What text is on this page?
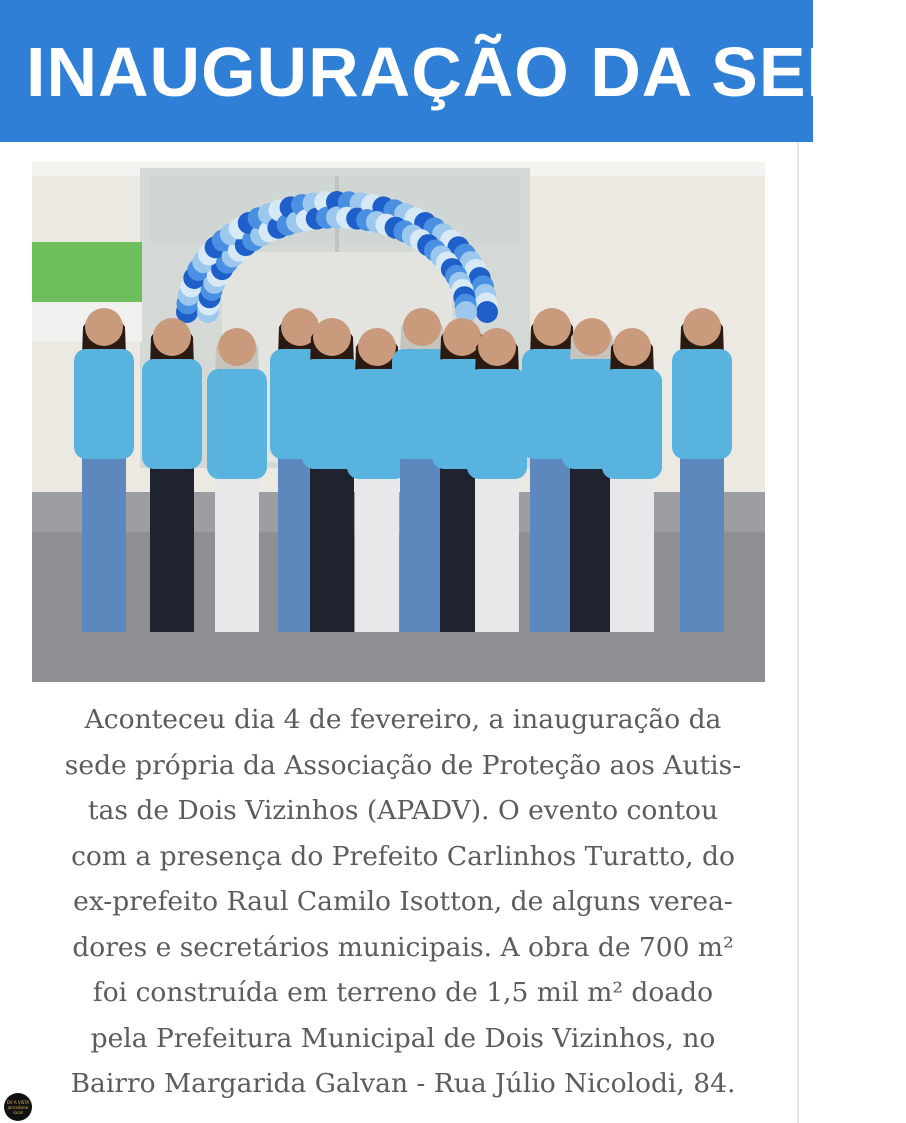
INAUGURAÇÃO DA SEDE
Aconteceu dia 4 de fevereiro, a inauguração da
sede própria da Associação de Proteção aos Autis-
tas de Dois Vizinhos (APADV). O evento contou
com a presença do Prefeito Carlinhos Turatto, do
ex-prefeito Raul Camilo Isotton, de alguns verea-
dores e secretários municipais. A obra de 700 m²
foi construída em terreno de 1,5 mil m² doado
pela Prefeitura Municipal de Dois Vizinhos, no
Bairro Margarida Galvan - Rua Júlio Nicolodi, 84.
DV A VISTA
jornalismo local
